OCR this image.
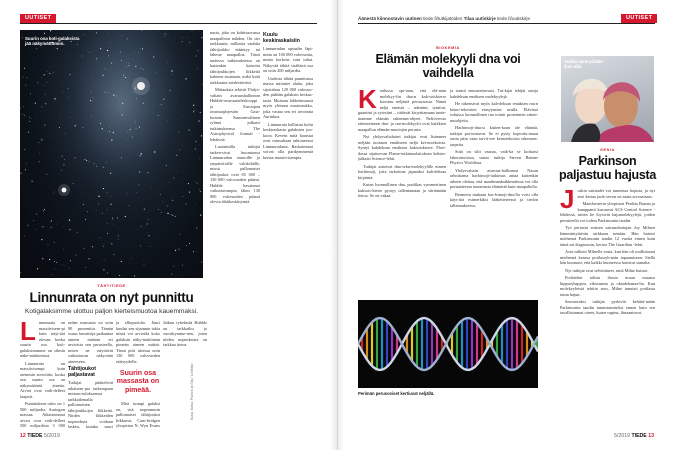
UUTISET
Suurin osa koti-galaksista jää näkymättömiin.
TÄHTITIEDE
Linnunrata on nyt punnittu
Kotigalaksimme ulottuu paljon kierteismuotoa kauemmaksi.
L innunrata on massiivisem-pi kuin näyt-tää olevan, koska suurin osa koti-galaksistamme on silmin näke-mättömissä.

Linnunrata on massiivisempi kuin aiemmin arvioitiin, koska sen suurin osa on näkymätöntä ainetta. Arviot ovat vaih-delleet laajasti.

Punnituksen tulos on 1 500 miljardia Auringon massaa. Aikaisemmat arviot ovat vaih-delleet 500 miljardista 3 000

radan massasta on noin 90 prosenttia. Tämän osuus havaitsija paikantaa aineen määrän eri arvioista sen perusteella, miten ne näyttävät vaikuttavan näkyvään aineeseen.

Tähtijoukot paljastavat

Tutkijat päättelivät aikaisem-pia tarkempaan mittaus-tulokseensa tarkkailemalla pallomaisten tähtijoukkojen liikkeitä. Niiden liikkeiden nopeudesta voidaan laskea, kuinka suuri

ja elliopsoidia. Juuri kuulas sen sijainnin takia niistä voi arvioida koko galaksin näky-mättömän pimeän aineen määrä. Tämä piiri ulottuu noin 130 000 valovuoden etäisyydelle.

Suurin osa massasta on pimeää.

Mitä isompi galaksi on, sitä nopeammin pallomaiset tähtijoukot liikkuvat, Cam-bridgen yliopiston N. Wyn Evans

Jatkuu ryhelmää Hubble on tarkkailtu jo vuosikymme-nen, joten niiden nopeuksista on tarkkaa tietoa.

nasta, joka on kohtisuorassa maapalloon nähden. On siis tarkkuutta, millaista vauhtia tähtijoukko etääntyy tai läheste maapalloa. Tässä uudessa tutkimuksessa on kuitenkin katsottu tähtijoukkojen liikkeitä kahteen suuntaan, mikä lisää tarkkuutta merkittävästi.

Mittauksia tekivät Yhdys-valtain avaruushallinnon Hubble-avaruusteleskooppi ja Euroopan avaruusjärjestön Gaia-luotain. Kansainvälinen ryhmä julkaisi tutkimuksensa The Astrophysical Journal -lehdessä.

Luotaimilla tutkijat tarken-sivat huomionsa Linnunradan reunoille ja ympäröivälle valokehälle, missä pallomaiset tähtijoukot ovat 65 000 – 130 000 valovuoden päässä. Hubble havainnot vaikuttavampia, lähes 130 000 valovuoden päässä olevia tähtikeskittymiä.

Kuulu keskiraskaisiin

Linnunradan opinalin läpi-mitta on 100 000 valovuotta, mutta korkeus vain tuhat. Näkyvää tähtiä sisältävä osa on noin 200 miljardia.

Uudesta tähtiä punnitussa massa mittatiet alaita, joka sijoitahuu 129 000 valovuo-den päähän galaksin keskus-tasta. Muitaan lakkeimuussä myös yltimen muutoaukko, joka vastaa sen eri arvointia Aurinkoa.

Linnunrata kallistuu kohti keskiraskasta galaksien jou-koon. Kevein mitä harastat ovat massaltaan tahtoneessa Linnunradasta. Raskaimmat voivat olla parikymmentä kertaa massiivisempia.

Kuva: Nasa, Planck at Sky / Lehtisto
12 TIEDE 5/2019
Äänestä kiinnostavin uutinen tiede.fi/tutkijatöiden Tilaa uutiskirje tiede.fi/uutiskirje	UUTISET
BIOKEMIA
Elämän molekyyli dna voi vaihdella
K oulussa opi-taan, että elä-män molekyy-lin dna:n kak-soiskierre koostuu neljästä perusosasta. Nämä neljä emästä – adeniini, tymiini, guaniini ja sytosiini – riittävät kirjoittamaan tunte-mamme elämän rakennus-ohjeet. Neliöversio rakenteineen dna- ja rna-molekyylit ovat kaikkien maapallon elämän-muotojen perusta.

Nyt yhdysvaltalaiset tutkijat ovat lisänneet neljään tuonnon emäkseen neljä kei-notekoista. Syntyi kahdeksan emäksen kaksoiskierre. Flori-dassa sijaitsevan Flame-tutkimuslaitoksen keksin-julkaisi Science-lehti.

Tutkijat antoivat dna-seku-molekyylille nimen hachimoji, joka tarkoittaa japaniksi kah-deksaa kirjainta.

Kuten luonnollinen dna, puolikas symmetrinen kaksois-kierre pystyy tallentamaan ja siirtämään tietoa. Se on vakaa

ja toimii ennustettavasti. Tut-kijat tekijät satoja kahdeksan emäksen molekyylejä.

He rakensivat myös kah-deksan emäksen rna:n keino-tekoisten entsyymien avulla. Elävissä soluissa luonnollinen rna toimii proteiinien raken-nusohjeita.

Hachimoji-dna:st kuiten-kaan ole elämää, tutkijat pai-nottavat. Se ei pysty kopioitu-maan omin päin vaan tarvit-see keinotekoisia rakennus-tarpeita.

Siitä on silti vaaraa, vaik-ka se korkaisi laboratoriosta, sanoo tutkija Steven Benner Physics Worldissa.

Yhdysvaltain avaruus-hallinnon Nasan rahoittama hachimoji-tutkimus antaa kuitenkin aiheen olettaa, että maailmankaikkeudessa voi olla periaatteessa tunnetusta elämästä kuin maapallolla.

Bennerin mukaan hac-himoji-dna:lla voisi olla käyt-töä esimerkiksi lääketieteessä ja tiedon tallennuksessa.

Perimän perusosiset kertiuvat neljällä.
Tarkka nenä pidään ihon alle.
GENIA
Parkinson paljastuu hajusta
J oskin sairaudet voi tunnistaa hajusta, ja nyt ensi kertaa juok-sevon on saatu aivosairaus.

Manchesterin yliopiston Perdita Barran ja kumppanit kuvaavat ACS Central Science -lehdessä, miten he löysivät hajumolekyylejä, joiden perusteella voi todeta Parkinsonin taudin.

Työ perustui entisen sairaanhoitajan Joy Milnen hämmästyttävän tarkkaan nenään. Hän haistoi miehensä Parkinsonin taudin 12 vuotta ennen kuin tämä sai diagnoosin, kertoo The Guardian -lehti.

Asia valkeni Milnelle vasta, kun hän oli osallistunut miehensä kanssa potilasryh-män tapaamiseen. Siellä hän huomasi, että kaikki huoneessa haisivat samalta.

Nyt tutkijat ovat selvittäneet, mitä Milne haistoi.

Potilaiden talista ihosta muun muassa hippuryhappoa, eikosaania ja oktadekanaa-lia. Kun molekyyleistä tehtiin seos, Milne tunnisti potilasta tutun hajun.

Seuraavaksi tutkijat pyrkivät kehittä-mään Parkinsonin taudin tunnistamiseksi ennen kuin sen tavallisimmat oireet, kuten vapina, ilmaantuvat.

5/2019 TIEDE 13
